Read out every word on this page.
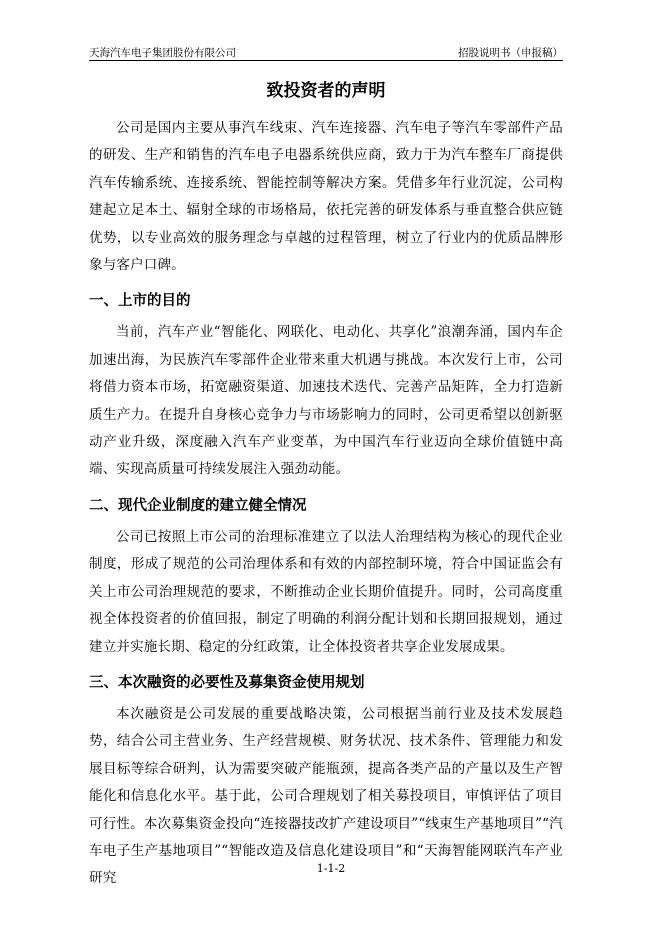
天海汽车电子集团股份有限公司	招股说明书（申报稿）
致投资者的声明

公司是国内主要从事汽车线束、汽车连接器、汽车电子等汽车零部件产品的研发、生产和销售的汽车电子电器系统供应商，致力于为汽车整车厂商提供汽车传输系统、连接系统、智能控制等解决方案。凭借多年行业沉淀，公司构建起立足本土、辐射全球的市场格局，依托完善的研发体系与垂直整合供应链优势，以专业高效的服务理念与卓越的过程管理，树立了行业内的优质品牌形象与客户口碑。

一、上市的目的

当前，汽车产业“智能化、网联化、电动化、共享化”浪潮奔涌，国内车企加速出海，为民族汽车零部件企业带来重大机遇与挑战。本次发行上市，公司将借力资本市场，拓宽融资渠道、加速技术迭代、完善产品矩阵，全力打造新质生产力。在提升自身核心竞争力与市场影响力的同时，公司更希望以创新驱动产业升级，深度融入汽车产业变革，为中国汽车行业迈向全球价值链中高端、实现高质量可持续发展注入强劲动能。

二、现代企业制度的建立健全情况

公司已按照上市公司的治理标准建立了以法人治理结构为核心的现代企业制度，形成了规范的公司治理体系和有效的内部控制环境，符合中国证监会有关上市公司治理规范的要求，不断推动企业长期价值提升。同时，公司高度重视全体投资者的价值回报，制定了明确的利润分配计划和长期回报规划，通过建立并实施长期、稳定的分红政策，让全体投资者共享企业发展成果。

三、本次融资的必要性及募集资金使用规划

本次融资是公司发展的重要战略决策，公司根据当前行业及技术发展趋势，结合公司主营业务、生产经营规模、财务状况、技术条件、管理能力和发展目标等综合研判，认为需要突破产能瓶颈，提高各类产品的产量以及生产智能化和信息化水平。基于此，公司合理规划了相关募投项目，审慎评估了项目可行性。本次募集资金投向“连接器技改扩产建设项目”“线束生产基地项目”“汽车电子生产基地项目”“智能改造及信息化建设项目”和“天海智能网联汽车产业研究

1-1-2
